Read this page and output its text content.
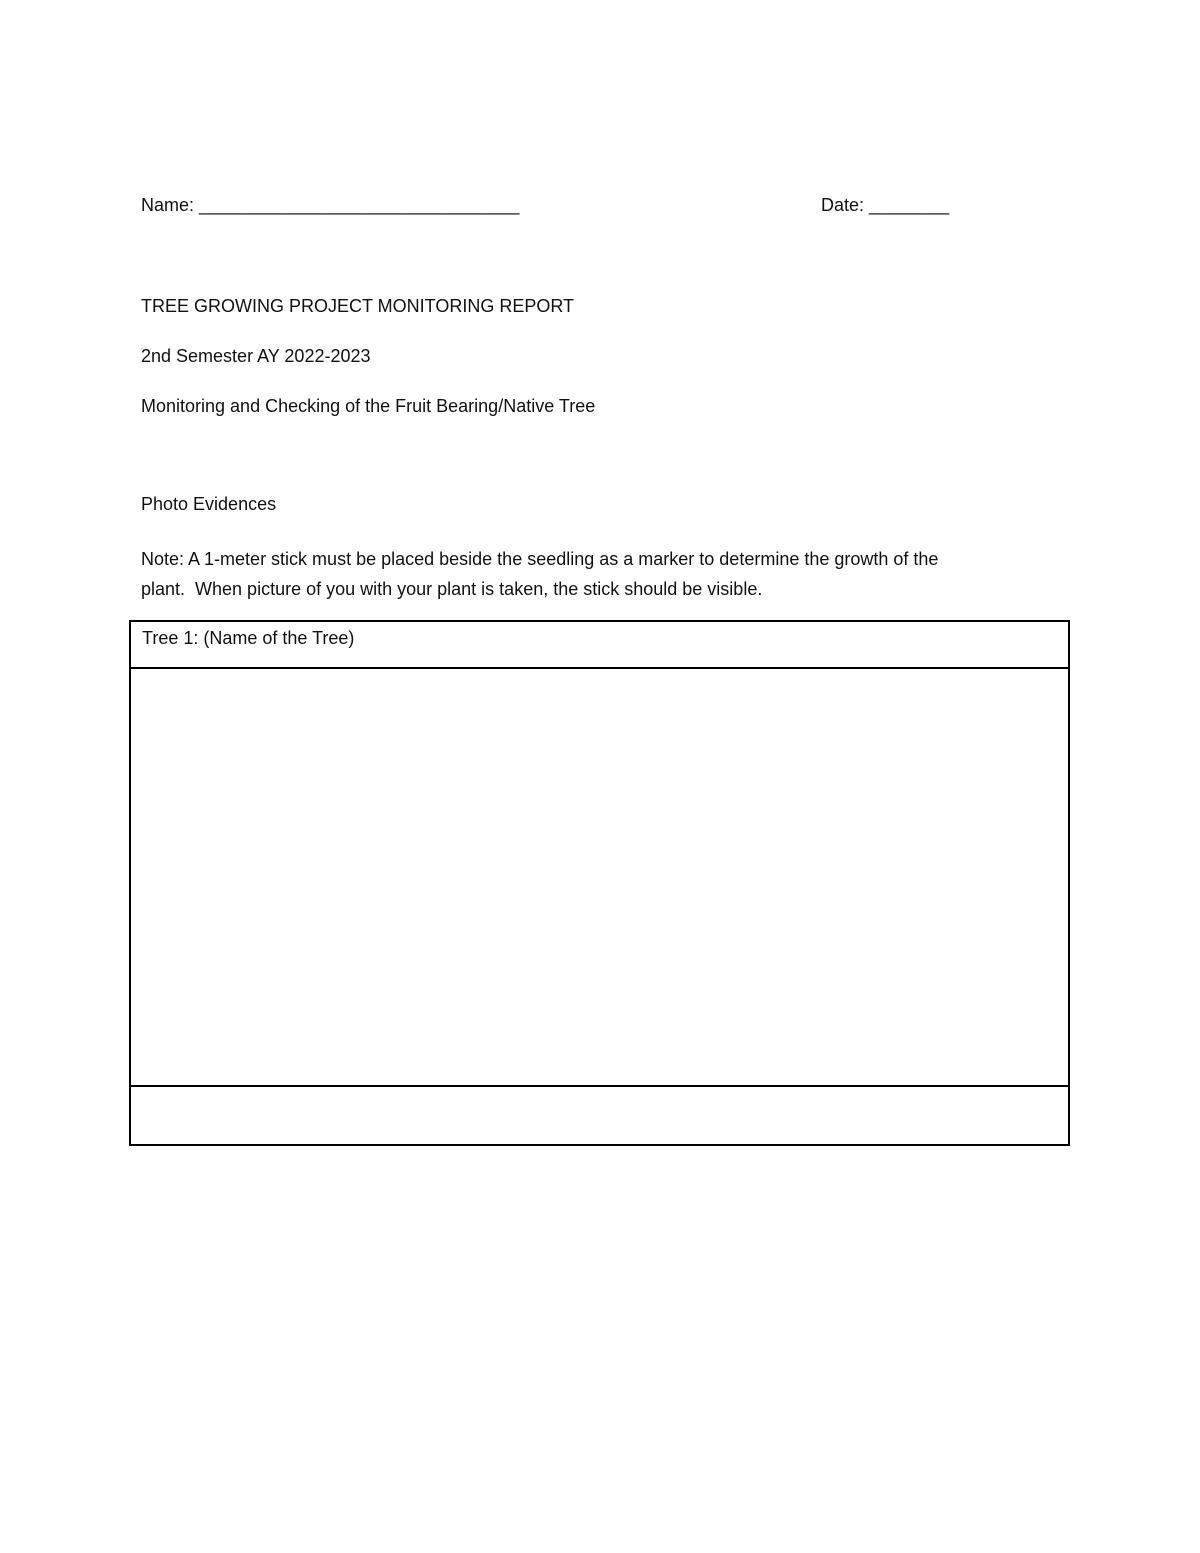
Name: ________________________________	Date: ________
TREE GROWING PROJECT MONITORING REPORT
2nd Semester AY 2022-2023
Monitoring and Checking of the Fruit Bearing/Native Tree
Photo Evidences
Note: A 1-meter stick must be placed beside the seedling as a marker to determine the growth of the
plant.  When picture of you with your plant is taken, the stick should be visible.
Tree 1: (Name of the Tree)
